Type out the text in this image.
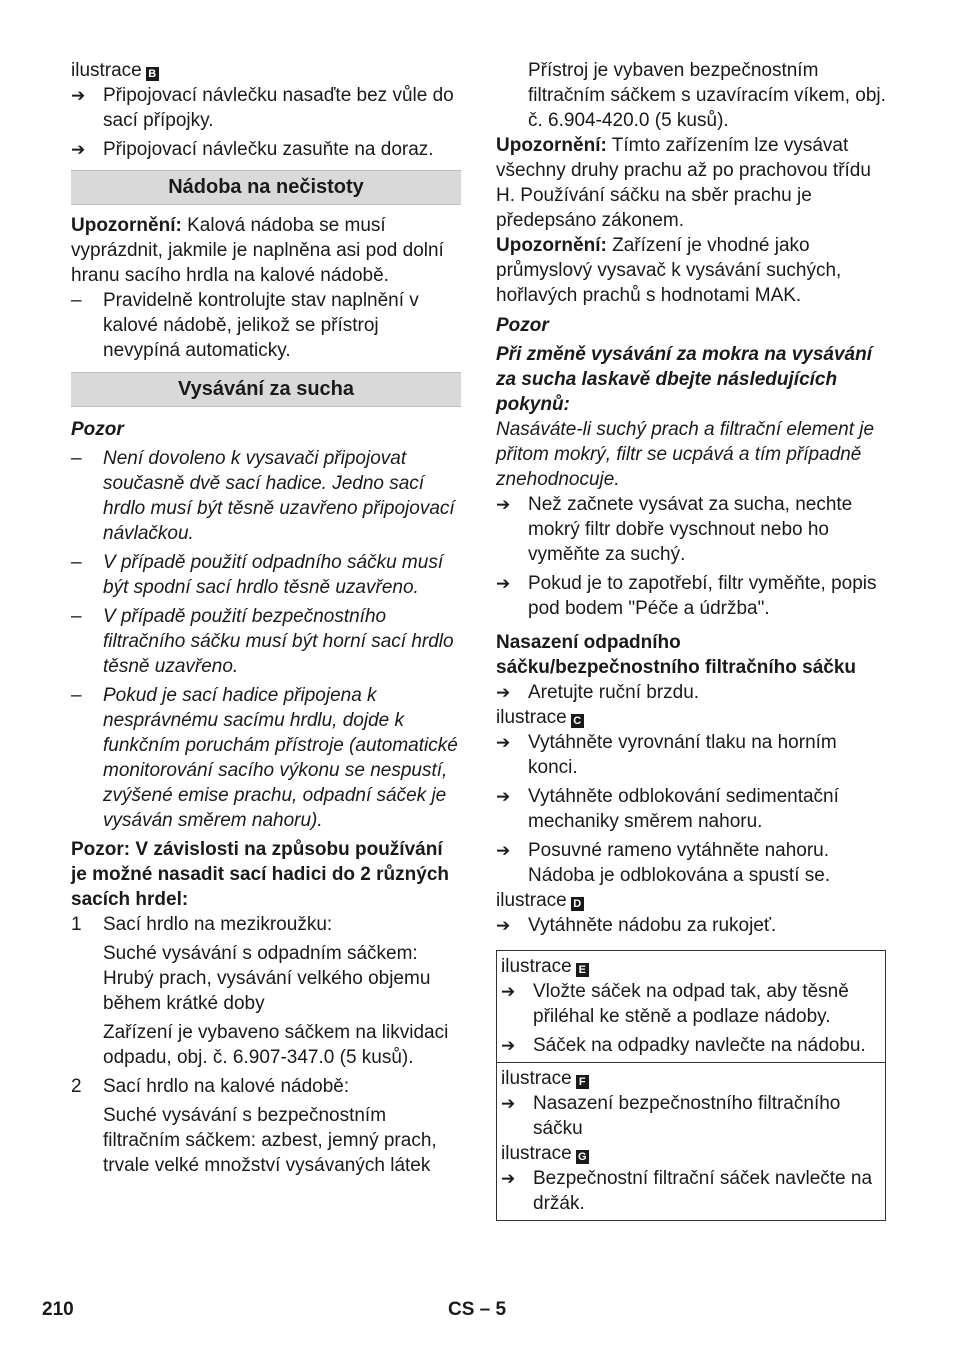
ilustrace B

➔ Připojovací návlečku nasaďte bez vůle do sací přípojky.

➔ Připojovací návlečku zasuňte na doraz.

Nádoba na nečistoty

Upozornění: Kalová nádoba se musí vyprázdnit, jakmile je naplněna asi pod dolní hranu sacího hrdla na kalové nádobě.

–	Pravidelně kontrolujte stav naplnění v kalové nádobě, jelikož se přístroj nevypíná automaticky.

Vysávání za sucha

Pozor

–	Není dovoleno k vysavači připojovat současně dvě sací hadice. Jedno sací hrdlo musí být těsně uzavřeno připojovací návlačkou.

–	V případě použití odpadního sáčku musí být spodní sací hrdlo těsně uzavřeno.

–	V případě použití bezpečnostního filtračního sáčku musí být horní sací hrdlo těsně uzavřeno.

–	Pokud je sací hadice připojena k nesprávnému sacímu hrdlu, dojde k funkčním poruchám přístroje (automatické monitorování sacího výkonu se nespustí, zvýšené emise prachu, odpadní sáček je vysáván směrem nahoru).

Pozor: V závislosti na způsobu používání je možné nasadit sací hadici do 2 různých sacích hrdel:

1	Sací hrdlo na mezikroužku:

Suché vysávání s odpadním sáčkem: Hrubý prach, vysávání velkého objemu během krátké doby

Zařízení je vybaveno sáčkem na likvidaci odpadu, obj. č. 6.907-347.0 (5 kusů).

2	Sací hrdlo na kalové nádobě:

Suché vysávání s bezpečnostním filtračním sáčkem: azbest, jemný prach, trvale velké množství vysávaných látek

Přístroj je vybaven bezpečnostním filtračním sáčkem s uzavíracím víkem, obj. č. 6.904-420.0 (5 kusů).

Upozornění: Tímto zařízením lze vysávat všechny druhy prachu až po prachovou třídu H. Používání sáčku na sběr prachu je předepsáno zákonem.

Upozornění: Zařízení je vhodné jako průmyslový vysavač k vysávání suchých, hořlavých prachů s hodnotami MAK.

Pozor

Při změně vysávání za mokra na vysávání za sucha laskavě dbejte následujících pokynů:

Nasáváte-li suchý prach a filtrační element je přitom mokrý, filtr se ucpává a tím případně znehodnocuje.

➔ Než začnete vysávat za sucha, nechte mokrý filtr dobře vyschnout nebo ho vyměňte za suchý.

➔ Pokud je to zapotřebí, filtr vyměňte, popis pod bodem "Péče a údržba".

Nasazení odpadního sáčku/bezpečnostního filtračního sáčku

➔ Aretujte ruční brzdu.

ilustrace C

➔ Vytáhněte vyrovnání tlaku na horním konci.

➔ Vytáhněte odblokování sedimentační mechaniky směrem nahoru.

➔ Posuvné rameno vytáhněte nahoru. Nádoba je odblokována a spustí se.

ilustrace D

➔ Vytáhněte nádobu za rukojeť.

ilustrace E

➔ Vložte sáček na odpad tak, aby těsně přiléhal ke stěně a podlaze nádoby.

➔ Sáček na odpadky navlečte na nádobu.

ilustrace F

➔ Nasazení bezpečnostního filtračního sáčku

ilustrace G

➔ Bezpečnostní filtrační sáček navlečte na držák.

210	CS – 5
